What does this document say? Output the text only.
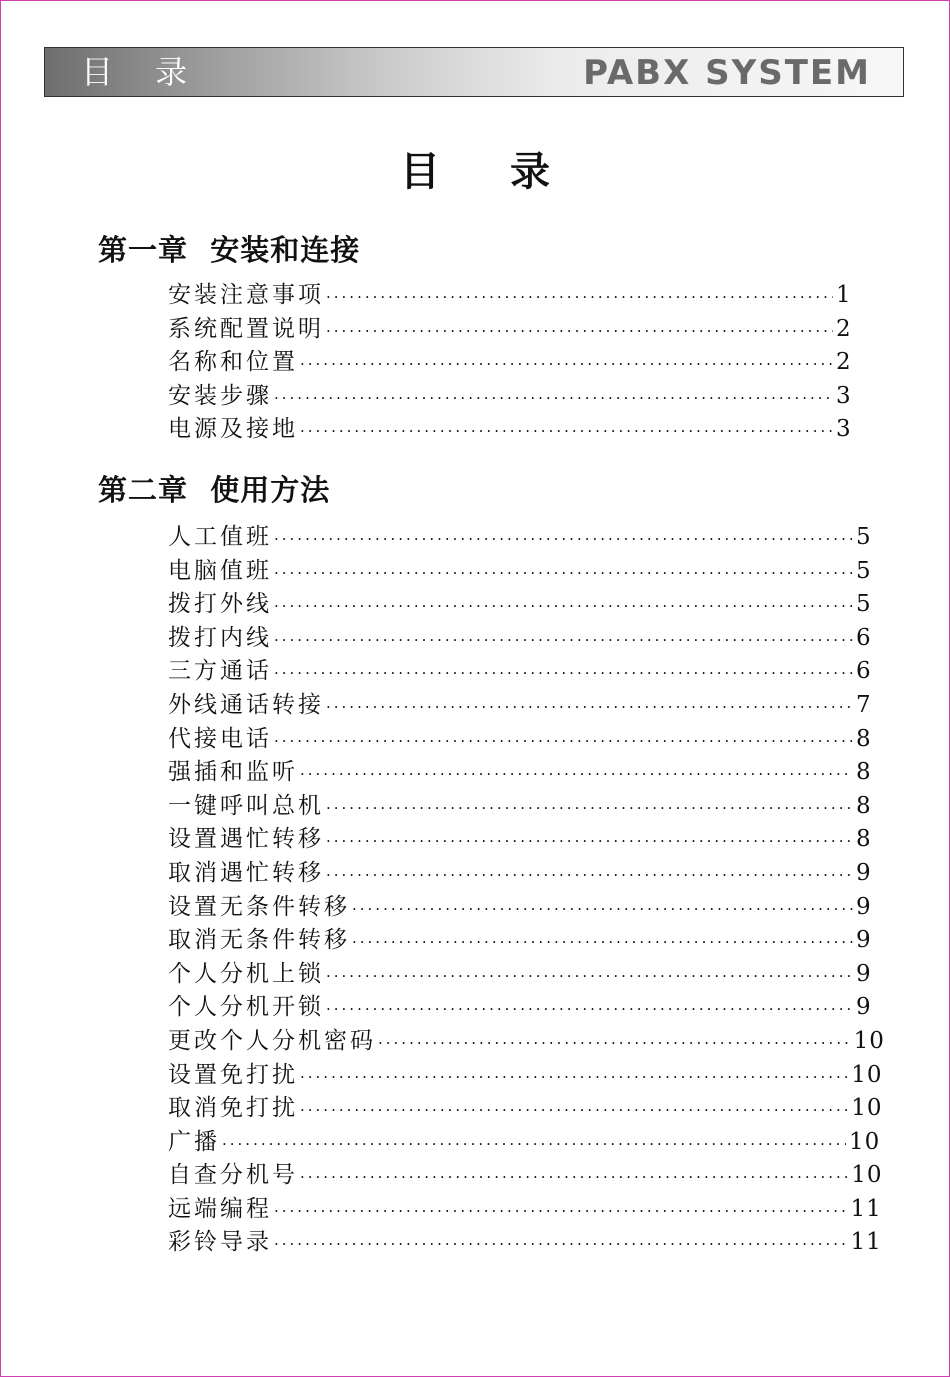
目 录	PABX SYSTEM
目 录
第一章  安装和连接
安装注意事项 ·····	1
系统配置说明 ·····	2
名称和位置 ·····	2
安装步骤 ·····	3
电源及接地 ·····	3
第二章  使用方法
人工值班 ·····	5
电脑值班 ·····	5
拨打外线 ·····	5
拨打内线 ·····	6
三方通话 ·····	6
外线通话转接 ·····	7
代接电话 ·····	8
强插和监听 ·····	8
一键呼叫总机 ·····	8
设置遇忙转移 ·····	8
取消遇忙转移 ·····	9
设置无条件转移 ·····	9
取消无条件转移 ·····	9
个人分机上锁 ·····	9
个人分机开锁 ·····	9
更改个人分机密码 ·····	10
设置免打扰 ·····	10
取消免打扰 ·····	10
广播 ·····	10
自查分机号 ·····	10
远端编程 ·····	11
彩铃导录 ·····	11
